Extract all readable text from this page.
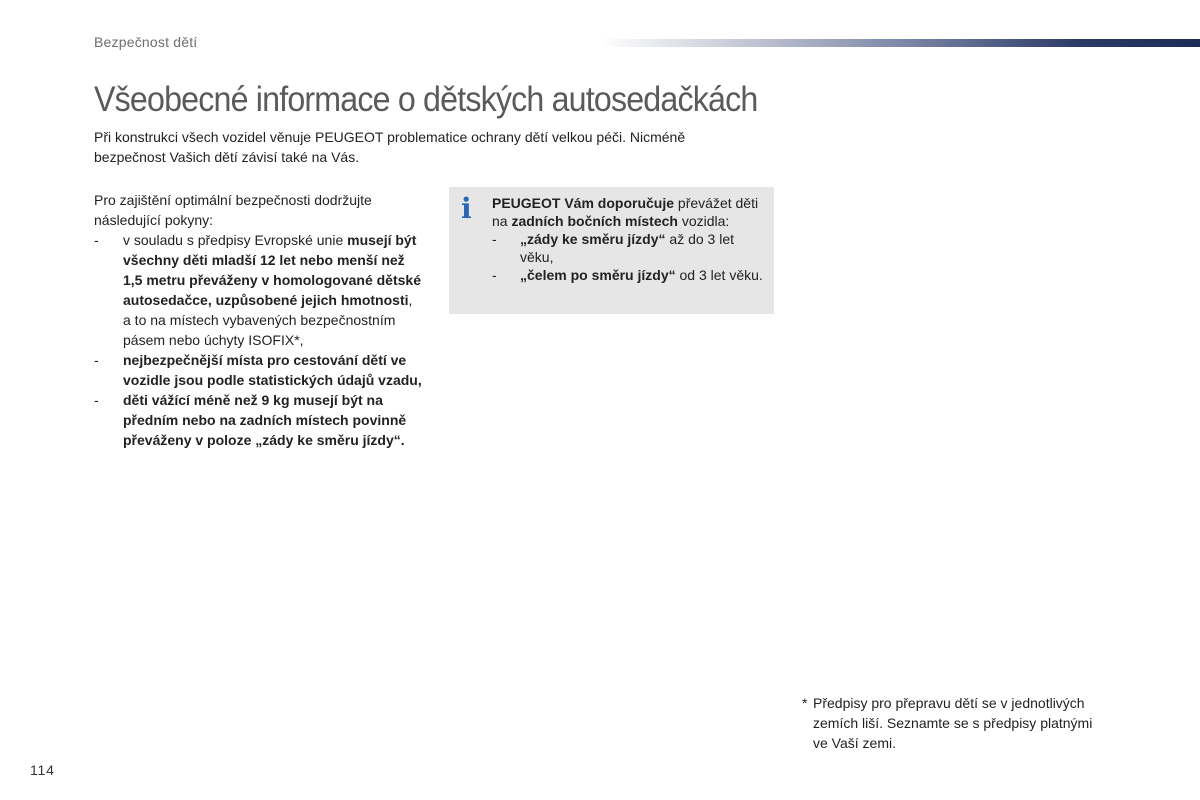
Bezpečnost dětí
Všeobecné informace o dětských autosedačkách

Při konstrukci všech vozidel věnuje PEUGEOT problematice ochrany dětí velkou péči. Nicméně

bezpečnost Vašich dětí závisí také na Vás.

Pro zajištění optimální bezpečnosti dodržujte následující pokyny:

- v souladu s předpisy Evropské unie musejí být všechny děti mladší 12 let nebo menší než 1,5 metru převáženy v homologované dětské autosedačce, uzpůsobené jejich hmotnosti, a to na místech vybavených bezpečnostním pásem nebo úchyty ISOFIX*,
- nejbezpečnější místa pro cestování dětí ve vozidle jsou podle statistických údajů vzadu,
- děti vážící méně než 9 kg musejí být na předním nebo na zadních místech povinně převáženy v poloze „zády ke směru jízdy“.
i PEUGEOT Vám doporučuje převážet děti na zadních bočních místech vozidla:

- „zády ke směru jízdy“ až do 3 let věku,
- „čelem po směru jízdy“ od 3 let věku.
* Předpisy pro přepravu dětí se v jednotlivých
zemích liší. Seznamte se s předpisy platnými
ve Vaší zemi.
114
